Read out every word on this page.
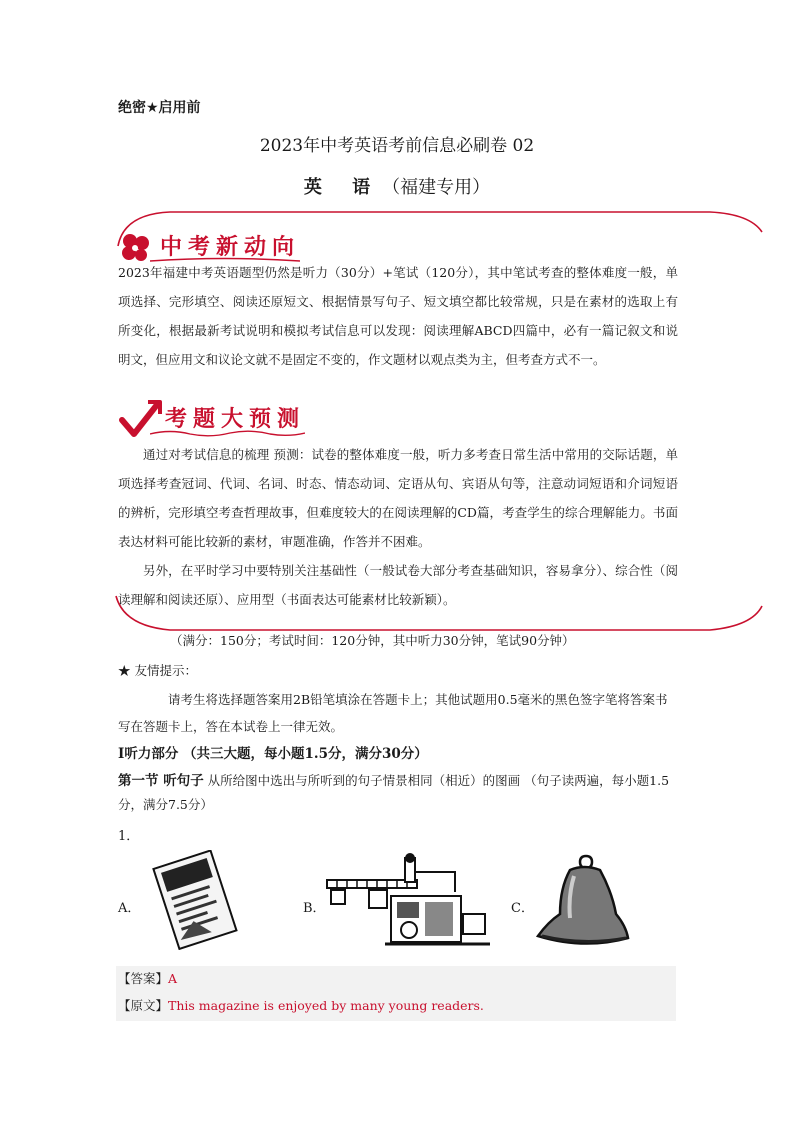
绝密★启用前
2023年中考英语考前信息必刷卷 02
英 语（福建专用）
中考新动向
2023年福建中考英语题型仍然是听力（30分）+笔试（120分），其中笔试考查的整体难度一般，单项选择、完形填空、阅读还原短文、根据情景写句子、短文填空都比较常规，只是在素材的选取上有所变化，根据最新考试说明和模拟考试信息可以发现：阅读理解ABCD四篇中，必有一篇记叙文和说明文，但应用文和议论文就不是固定不变的，作文题材以观点类为主，但考查方式不一。
考题大预测
通过对考试信息的梳理 预测：试卷的整体难度一般，听力多考查日常生活中常用的交际话题，单项选择考查冠词、代词、名词、时态、情态动词、定语从句、宾语从句等，注意动词短语和介词短语的辨析，完形填空考查哲理故事，但难度较大的在阅读理解的CD篇，考查学生的综合理解能力。书面表达材料可能比较新的素材，审题准确，作答并不困难。
另外，在平时学习中要特别关注基础性（一般试卷大部分考查基础知识，容易拿分）、综合性（阅读理解和阅读还原）、应用型（书面表达可能素材比较新颖）。
（满分：150分；考试时间：120分钟，其中听力30分钟，笔试90分钟）
★ 友情提示：
请考生将选择题答案用2B铅笔填涂在答题卡上；其他试题用0.5毫米的黑色签字笔将答案书写在答题卡上，答在本试卷上一律无效。
I听力部分 （共三大题，每小题1.5分，满分30分）
第一节 听句子 从所给图中选出与所听到的句子情景相同（相近）的图画 （句子读两遍，每小题1.5分，满分7.5分）
1．
A．	B．	C．
【答案】A
【原文】This magazine is enjoyed by many young readers.
